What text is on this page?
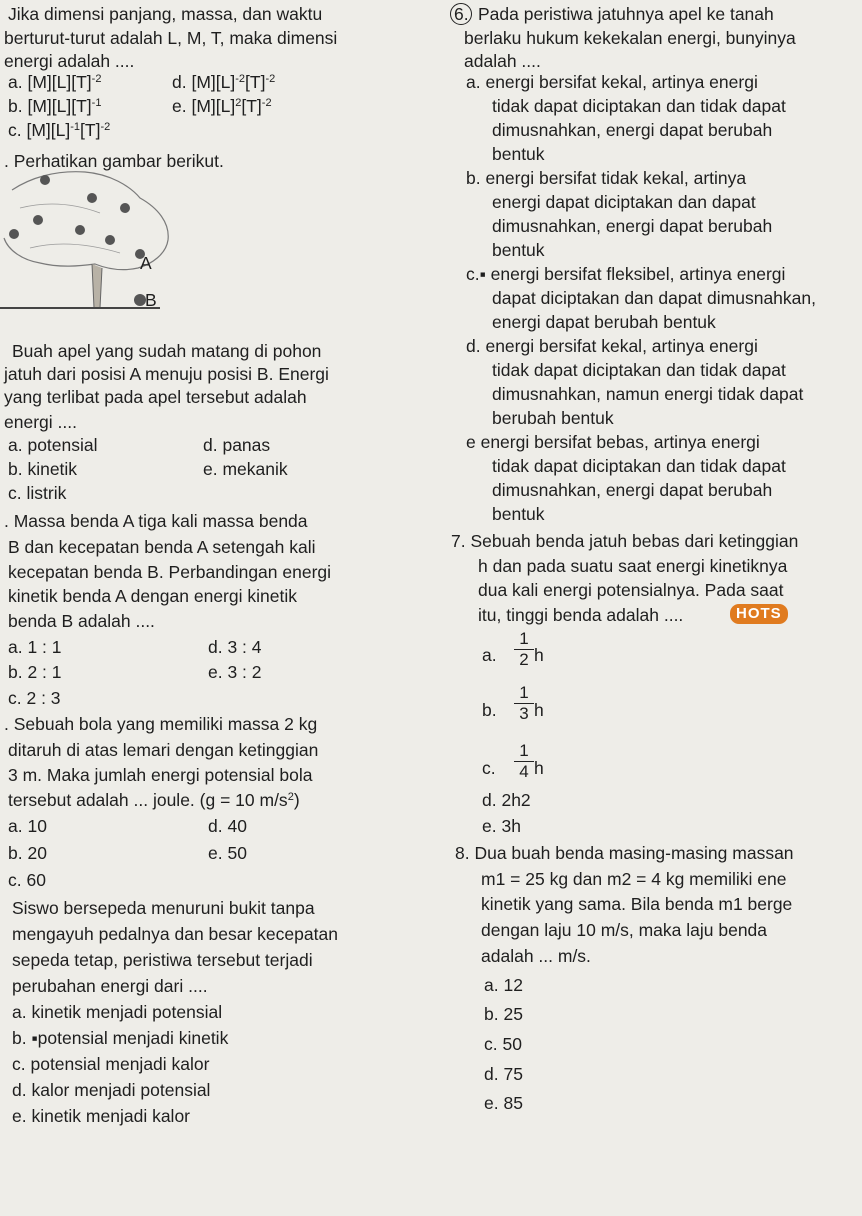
Jika dimensi panjang, massa, dan waktu
berturut-turut adalah L, M, T, maka dimensi
energi adalah ....
a. $[M][L][T]^{-2}$	d. $[M][L]^{-2}[T]^{-2}$
b. $[M][L][T]^{-1}$	e. $[M][L]^2[T]^{-2}$
c. $[M][L]^{-1}[T]^{-2}$
. Perhatikan gambar berikut.
A
B
Buah apel yang sudah matang di pohon
jatuh dari posisi A menuju posisi B. Energi
yang terlibat pada apel tersebut adalah
energi ....
a. potensial	d. panas
b. kinetik	e. mekanik
c. listrik
. Massa benda A tiga kali massa benda
B dan kecepatan benda A setengah kali
kecepatan benda B. Perbandingan energi
kinetik benda A dengan energi kinetik
benda B adalah ....
a. 1 : 1	d. 3 : 4
b. 2 : 1	e. 3 : 2
c. 2 : 3
. Sebuah bola yang memiliki massa 2 kg
ditaruh di atas lemari dengan ketinggian
3 m. Maka jumlah energi potensial bola
tersebut adalah ... joule. (g = 10 $m/s^2$)
a. 10	d. 40
b. 20	e. 50
c. 60
Siswo bersepeda menuruni bukit tanpa
mengayuh pedalnya dan besar kecepatan
sepeda tetap, peristiwa tersebut terjadi
perubahan energi dari ....
a. kinetik menjadi potensial
b. ▪potensial menjadi kinetik
c. potensial menjadi kalor
d. kalor menjadi potensial
e. kinetik menjadi kalor
6. Pada peristiwa jatuhnya apel ke tanah
berlaku hukum kekekalan energi, bunyinya
adalah ....
a. energi bersifat kekal, artinya energi
tidak dapat diciptakan dan tidak dapat
dimusnahkan, energi dapat berubah
bentuk
b. energi bersifat tidak kekal, artinya
energi dapat diciptakan dan dapat
dimusnahkan, energi dapat berubah
bentuk
c.▪ energi bersifat fleksibel, artinya energi
dapat diciptakan dan dapat dimusnahkan,
energi dapat berubah bentuk
d. energi bersifat kekal, artinya energi
tidak dapat diciptakan dan tidak dapat
dimusnahkan, namun energi tidak dapat
berubah bentuk
e energi bersifat bebas, artinya energi
tidak dapat diciptakan dan tidak dapat
dimusnahkan, energi dapat berubah
bentuk
7. Sebuah benda jatuh bebas dari ketinggian
h dan pada suatu saat energi kinetiknya
dua kali energi potensialnya. Pada saat
itu, tinggi benda adalah ....	HOTS
a.
1
2 h
b.
1
3 h
c.
1
4 h
d. 2h2
e. 3h
8. Dua buah benda masing-masing massan
m1 = 25 kg dan m2 = 4 kg memiliki ene
kinetik yang sama. Bila benda m1 berge
dengan laju 10 m/s, maka laju benda
adalah ... m/s.
a. 12
b. 25
c. 50
d. 75
e. 85
